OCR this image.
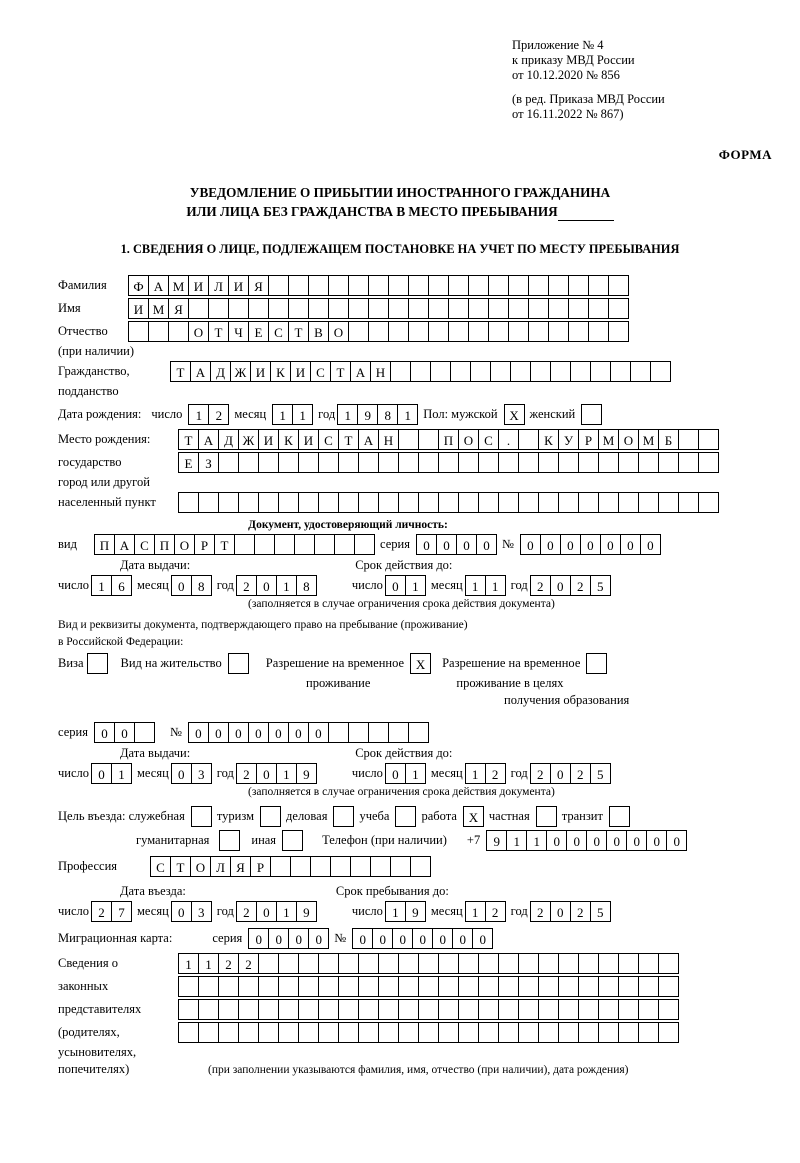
Приложение № 4
к приказу МВД России
от 10.12.2020 № 856
(в ред. Приказа МВД России
от 16.11.2022 № 867)
ФОРМА
УВЕДОМЛЕНИЕ О ПРИБЫТИИ ИНОСТРАННОГО ГРАЖДАНИНА
ИЛИ ЛИЦА БЕЗ ГРАЖДАНСТВА В МЕСТО ПРЕБЫВАНИЯ
1. СВЕДЕНИЯ О ЛИЦЕ, ПОДЛЕЖАЩЕМ ПОСТАНОВКЕ НА УЧЕТ ПО МЕСТУ ПРЕБЫВАНИЯ
Фамилия	Ф А М И Л И Я
Имя	И М Я
Отчество	О Т Ч Е С Т В О
(при наличии)
Гражданство,	Т А Д Ж И К И С Т А Н
подданство
Дата рождения: число	1	2 месяц	1	1 год 1	9	8	1 Пол: мужской X женский
Место рождения:	Т А Д Ж И К И С Т А Н	П О С	.	К У Р М О М Б
государство	Е З
город или другой
населенный пункт
Документ, удостоверяющий личность:
вид	П А С П О Р Т	серия	0	0	0	0 №	0	0	0	0	0	0	0
Дата выдачи:	Срок действия до:
число 1	6 месяц 0	8 год 2	0	1	8	число 0	1 месяц 1	1 год 2	0	2	5
(заполняется в случае ограничения срока действия документа)
Вид и реквизиты документа, подтверждающего право на пребывание (проживание)
в Российской Федерации:
Виза	Вид на жительство	Разрешение на временное X	Разрешение на временное
проживание	проживание в целях
получения образования
серия	0	0	№	0	0	0	0	0	0	0
Дата выдачи:	Срок действия до:
число 0	1 месяц 0	3 год 2	0	1	9	число 0	1 месяц 1	2 год 2	0	2	5
(заполняется в случае ограничения срока действия документа)
Цель въезда: служебная	туризм	деловая	учеба	работа X частная	транзит
гуманитарная	иная	Телефон (при наличии) +7	9	1	1	0	0	0	0	0	0	0
Профессия	С Т О Л Я Р
Дата въезда:	Срок пребывания до:
число 2	7 месяц 0	3 год 2	0	1	9	число 1	9 месяц 1	2 год 2	0	2	5
Миграционная карта:	серия	0	0	0	0 №	0	0	0	0	0	0	0
Сведения о	1	1	2	2
законных
представителях
(родителях,
усыновителях,
попечителях)	(при заполнении указываются фамилия, имя, отчество (при наличии), дата рождения)
